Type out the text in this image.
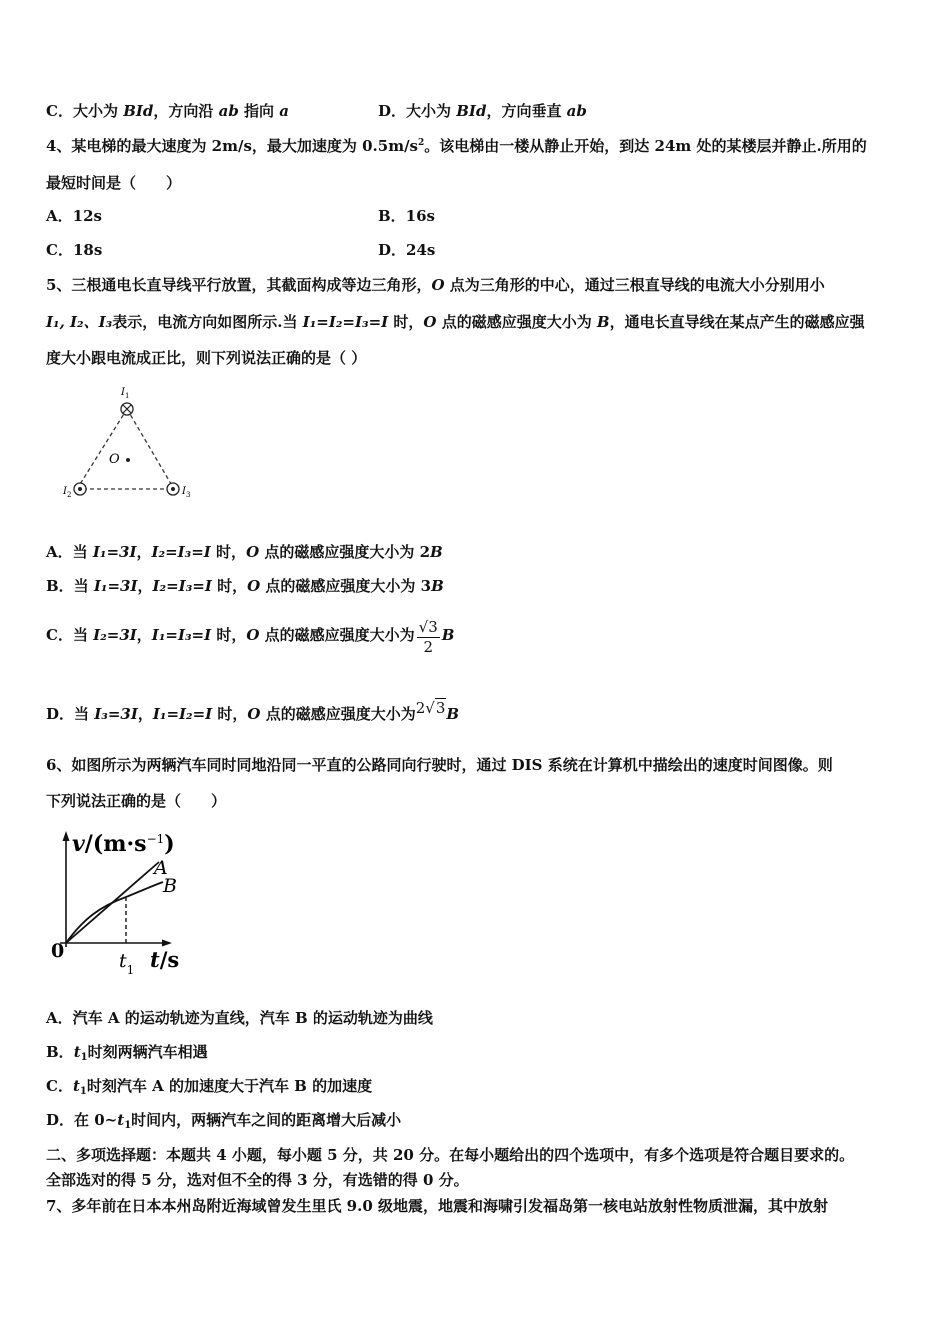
C．大小为 BId，方向沿 ab 指向 a	D．大小为 BId，方向垂直 ab
4、某电梯的最大速度为 2m/s，最大加速度为 $0.5m/s^2$。该电梯由一楼从静止开始，到达 24m 处的某楼层并静止.所用的
最短时间是（　　）
A．12s	B．16s
C．18s	D．24s
5、三根通电长直导线平行放置，其截面构成等边三角形，O 点为三角形的中心，通过三根直导线的电流大小分别用小
I₁, I₂、I₃表示，电流方向如图所示.当 I₁=I₂=I₃=I 时，O 点的磁感应强度大小为 B，通电长直导线在某点产生的磁感应强
度大小跟电流成正比，则下列说法正确的是（ ）
$I_1$
$I_2$	$I_3$
O
A．当 I₁=3I，I₂=I₃=I 时，O 点的磁感应强度大小为 2B
B．当 I₁=3I，I₂=I₃=I 时，O 点的磁感应强度大小为 3B
C．当 I₂=3I，I₁=I₃=I 时，O 点的磁感应强度大小为 $\frac{√3}{2}$ B
D．当 I₃=3I，I₁=I₂=I 时，O 点的磁感应强度大小为2√3B
6、如图所示为两辆汽车同时同地沿同一平直的公路同向行驶时，通过 DIS 系统在计算机中描绘出的速度时间图像。则
下列说法正确的是（　　）
$v/(m\cdot s^{-1})$
A
B
0	$t_1$ t/s
A．汽车 A 的运动轨迹为直线，汽车 B 的运动轨迹为曲线
B．$t_1$时刻两辆汽车相遇
C．$t_1$时刻汽车 A 的加速度大于汽车 B 的加速度
D．在 $0\sim t_1$时间内，两辆汽车之间的距离增大后减小
二、多项选择题：本题共 4 小题，每小题 5 分，共 20 分。在每小题给出的四个选项中，有多个选项是符合题目要求的。
全部选对的得 5 分，选对但不全的得 3 分，有选错的得 0 分。
7、多年前在日本本州岛附近海域曾发生里氏 9.0 级地震，地震和海啸引发福岛第一核电站放射性物质泄漏，其中放射
